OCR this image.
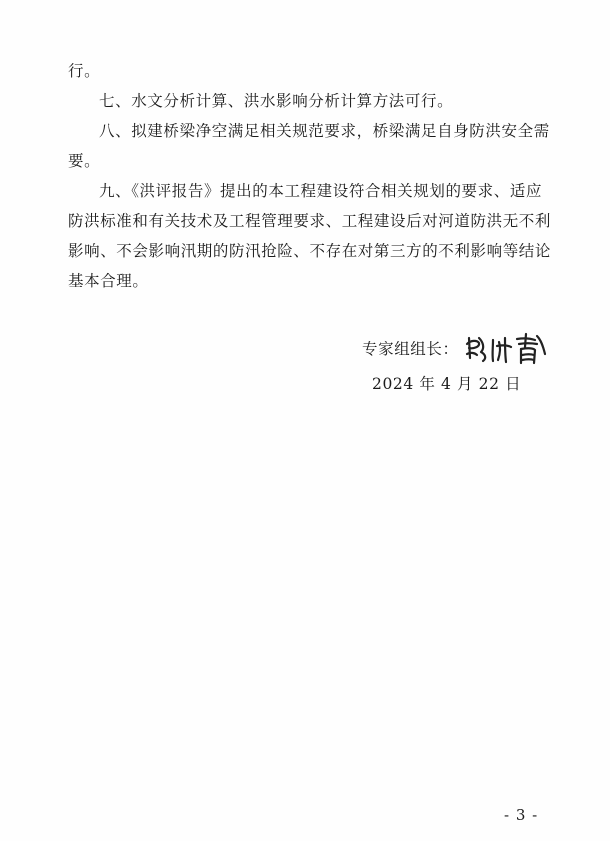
行。

七、水文分析计算、洪水影响分析计算方法可行。

八、拟建桥梁净空满足相关规范要求，桥梁满足自身防洪安全需要。

九、《洪评报告》提出的本工程建设符合相关规划的要求、适应防洪标准和有关技术及工程管理要求、工程建设后对河道防洪无不利影响、不会影响汛期的防汛抢险、不存在对第三方的不利影响等结论基本合理。

专家组组长：
2024 年 4 月 22 日
- 3 -
